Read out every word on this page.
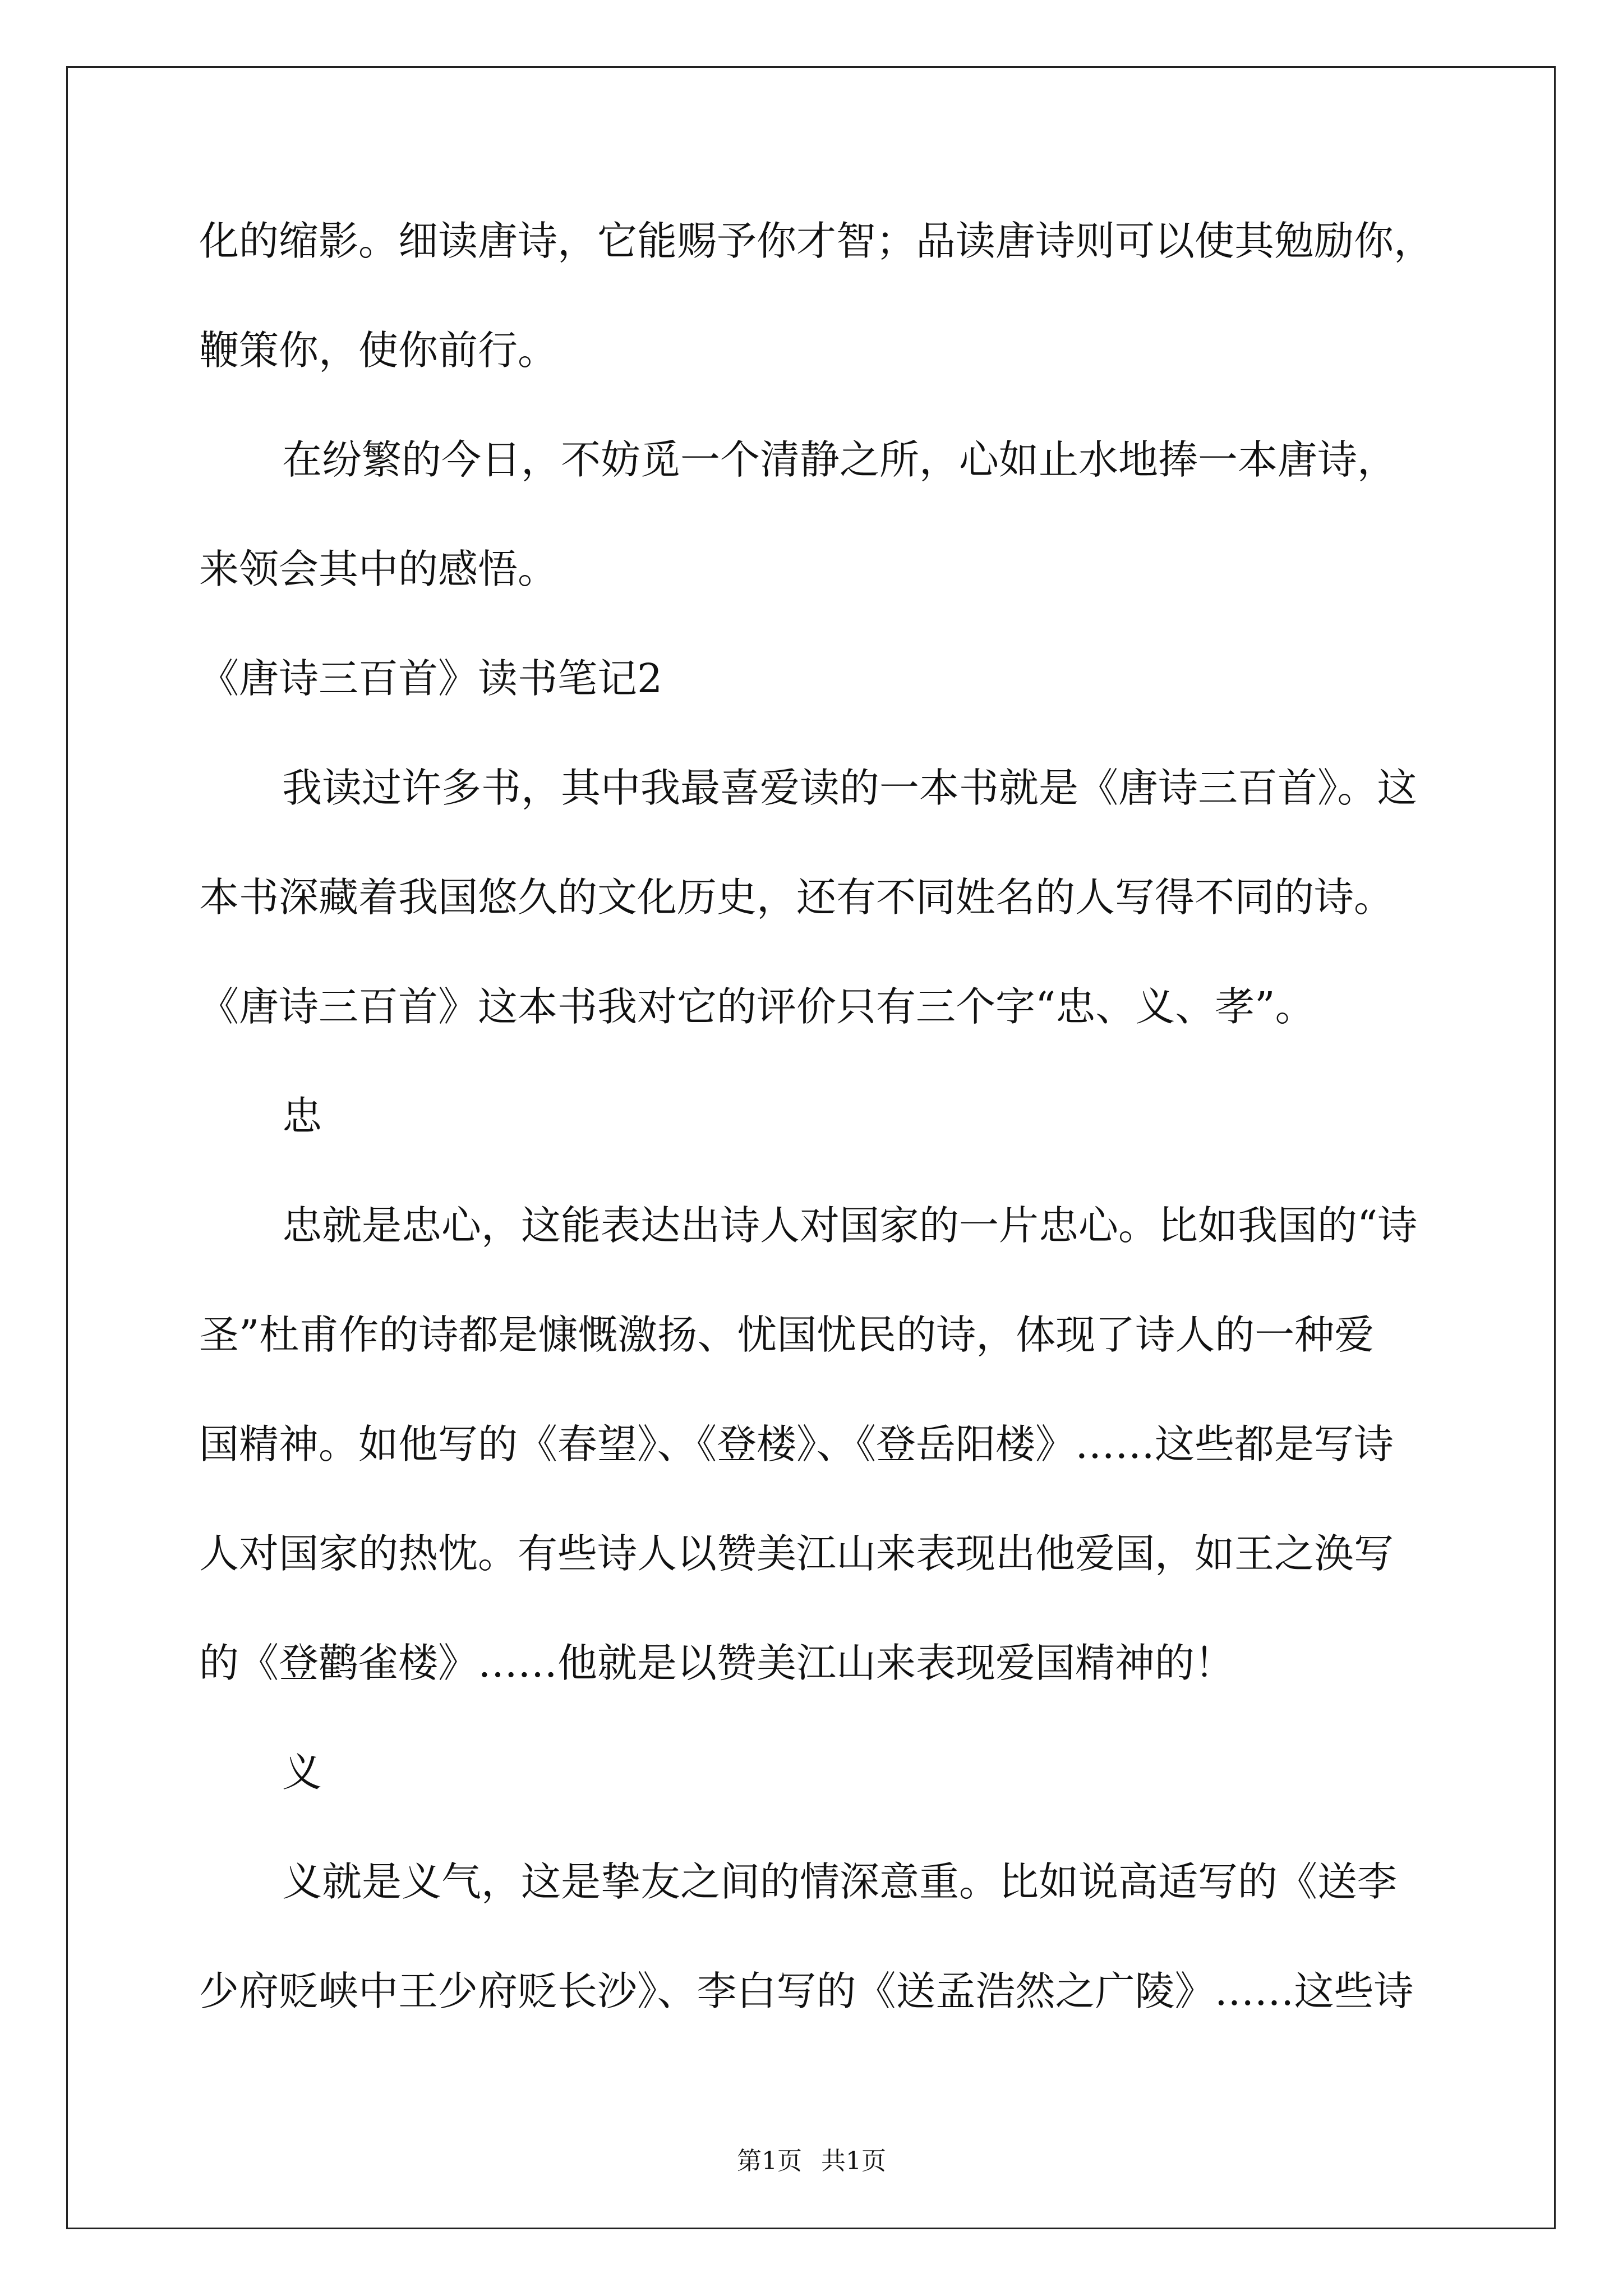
化的缩影。细读唐诗，它能赐予你才智；品读唐诗则可以使其勉励你，
鞭策你，使你前行。
在纷繁的今日，不妨觅一个清静之所，心如止水地捧一本唐诗，
来领会其中的感悟。
《唐诗三百首》读书笔记2
我读过许多书，其中我最喜爱读的一本书就是《唐诗三百首》。这
本书深藏着我国悠久的文化历史，还有不同姓名的人写得不同的诗。
《唐诗三百首》这本书我对它的评价只有三个字“忠、义、孝”。
忠
忠就是忠心，这能表达出诗人对国家的一片忠心。比如我国的“诗
圣”杜甫作的诗都是慷慨激扬、忧国忧民的诗，体现了诗人的一种爱
国精神。如他写的《春望》、《登楼》、《登岳阳楼》……这些都是写诗
人对国家的热忱。有些诗人以赞美江山来表现出他爱国，如王之涣写
的《登鹳雀楼》……他就是以赞美江山来表现爱国精神的！
义
义就是义气，这是挚友之间的情深意重。比如说高适写的《送李
少府贬峡中王少府贬长沙》、李白写的《送孟浩然之广陵》……这些诗
第1页 共1页
